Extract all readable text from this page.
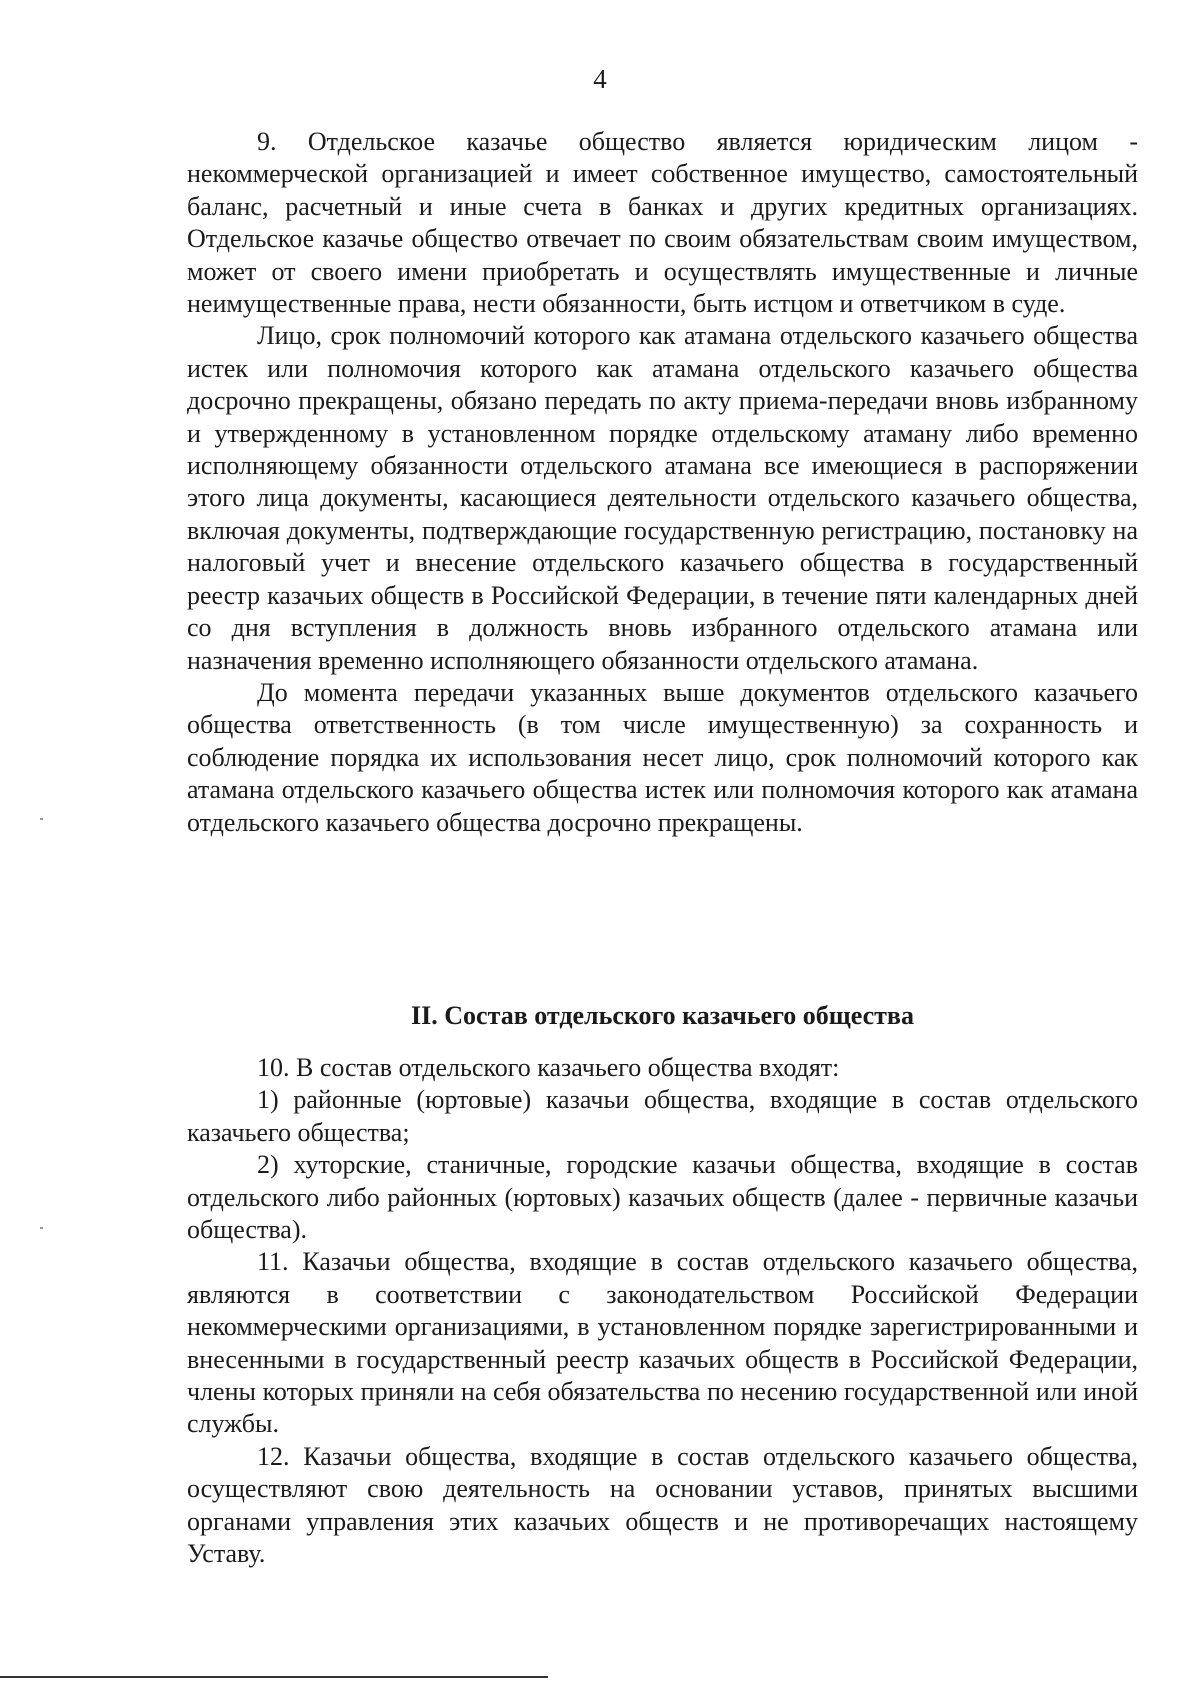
4

9. Отдельское казачье общество является юридическим лицом - некоммерческой организацией и имеет собственное имущество, самостоятельный баланс, расчетный и иные счета в банках и других кредитных организациях. Отдельское казачье общество отвечает по своим обязательствам своим имуществом, может от своего имени приобретать и осуществлять имущественные и личные неимущественные права, нести обязанности, быть истцом и ответчиком в суде.

Лицо, срок полномочий которого как атамана отдельского казачьего общества истек или полномочия которого как атамана отдельского казачьего общества досрочно прекращены, обязано передать по акту приема-передачи вновь избранному и утвержденному в установленном порядке отдельскому атаману либо временно исполняющему обязанности отдельского атамана все имеющиеся в распоряжении этого лица документы, касающиеся деятельности отдельского казачьего общества, включая документы, подтверждающие государственную регистрацию, постановку на налоговый учет и внесение отдельского казачьего общества в государственный реестр казачьих обществ в Российской Федерации, в течение пяти календарных дней со дня вступления в должность вновь избранного отдельского атамана или назначения временно исполняющего обязанности отдельского атамана.

До момента передачи указанных выше документов отдельского казачьего общества ответственность (в том числе имущественную) за сохранность и соблюдение порядка их использования несет лицо, срок полномочий которого как атамана отдельского казачьего общества истек или полномочия которого как атамана отдельского казачьего общества досрочно прекращены.

II. Состав отдельского казачьего общества

10. В состав отдельского казачьего общества входят:

1) районные (юртовые) казачьи общества, входящие в состав отдельского казачьего общества;

2) хуторские, станичные, городские казачьи общества, входящие в состав отдельского либо районных (юртовых) казачьих обществ (далее - первичные казачьи общества).

11. Казачьи общества, входящие в состав отдельского казачьего общества, являются в соответствии с законодательством Российской Федерации некоммерческими организациями, в установленном порядке зарегистрированными и внесенными в государственный реестр казачьих обществ в Российской Федерации, члены которых приняли на себя обязательства по несению государственной или иной службы.

12. Казачьи общества, входящие в состав отдельского казачьего общества, осуществляют свою деятельность на основании уставов, принятых высшими органами управления этих казачьих обществ и не противоречащих настоящему Уставу.
